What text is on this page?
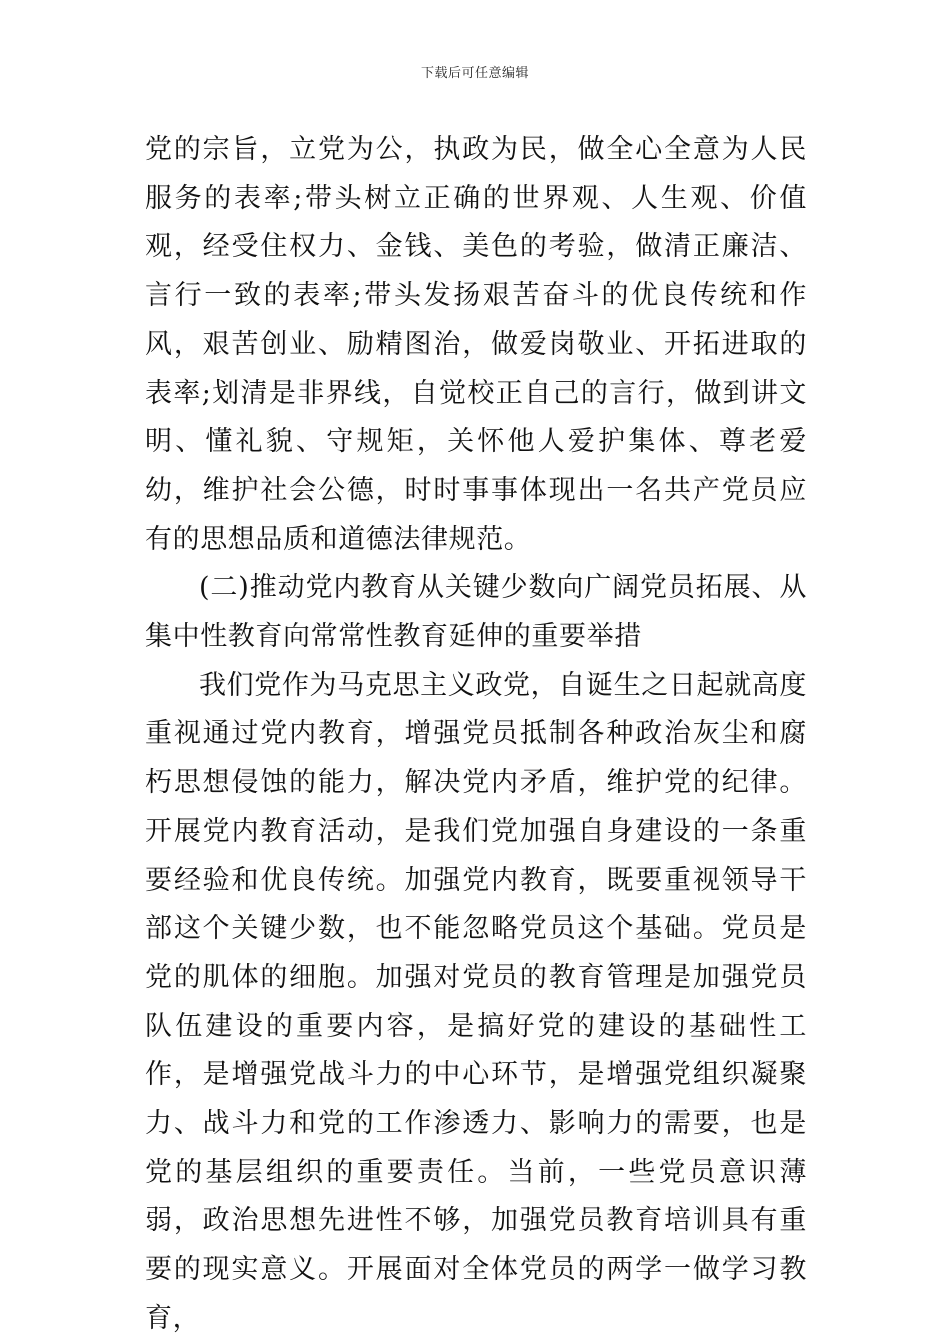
下载后可任意编辑

党的宗旨，立党为公，执政为民，做全心全意为人民服务的表率;带头树立正确的世界观、人生观、价值观，经受住权力、金钱、美色的考验，做清正廉洁、言行一致的表率;带头发扬艰苦奋斗的优良传统和作风，艰苦创业、励精图治，做爱岗敬业、开拓进取的表率;划清是非界线，自觉校正自己的言行，做到讲文明、懂礼貌、守规矩，关怀他人爱护集体、尊老爱幼，维护社会公德，时时事事体现出一名共产党员应有的思想品质和道德法律规范。

(二)推动党内教育从关键少数向广阔党员拓展、从集中性教育向常常性教育延伸的重要举措

我们党作为马克思主义政党，自诞生之日起就高度重视通过党内教育，增强党员抵制各种政治灰尘和腐朽思想侵蚀的能力，解决党内矛盾，维护党的纪律。开展党内教育活动，是我们党加强自身建设的一条重要经验和优良传统。加强党内教育，既要重视领导干部这个关键少数，也不能忽略党员这个基础。党员是党的肌体的细胞。加强对党员的教育管理是加强党员队伍建设的重要内容，是搞好党的建设的基础性工作，是增强党战斗力的中心环节，是增强党组织凝聚力、战斗力和党的工作渗透力、影响力的需要，也是党的基层组织的重要责任。当前，一些党员意识薄弱，政治思想先进性不够，加强党员教育培训具有重要的现实意义。开展面对全体党员的两学一做学习教育，
